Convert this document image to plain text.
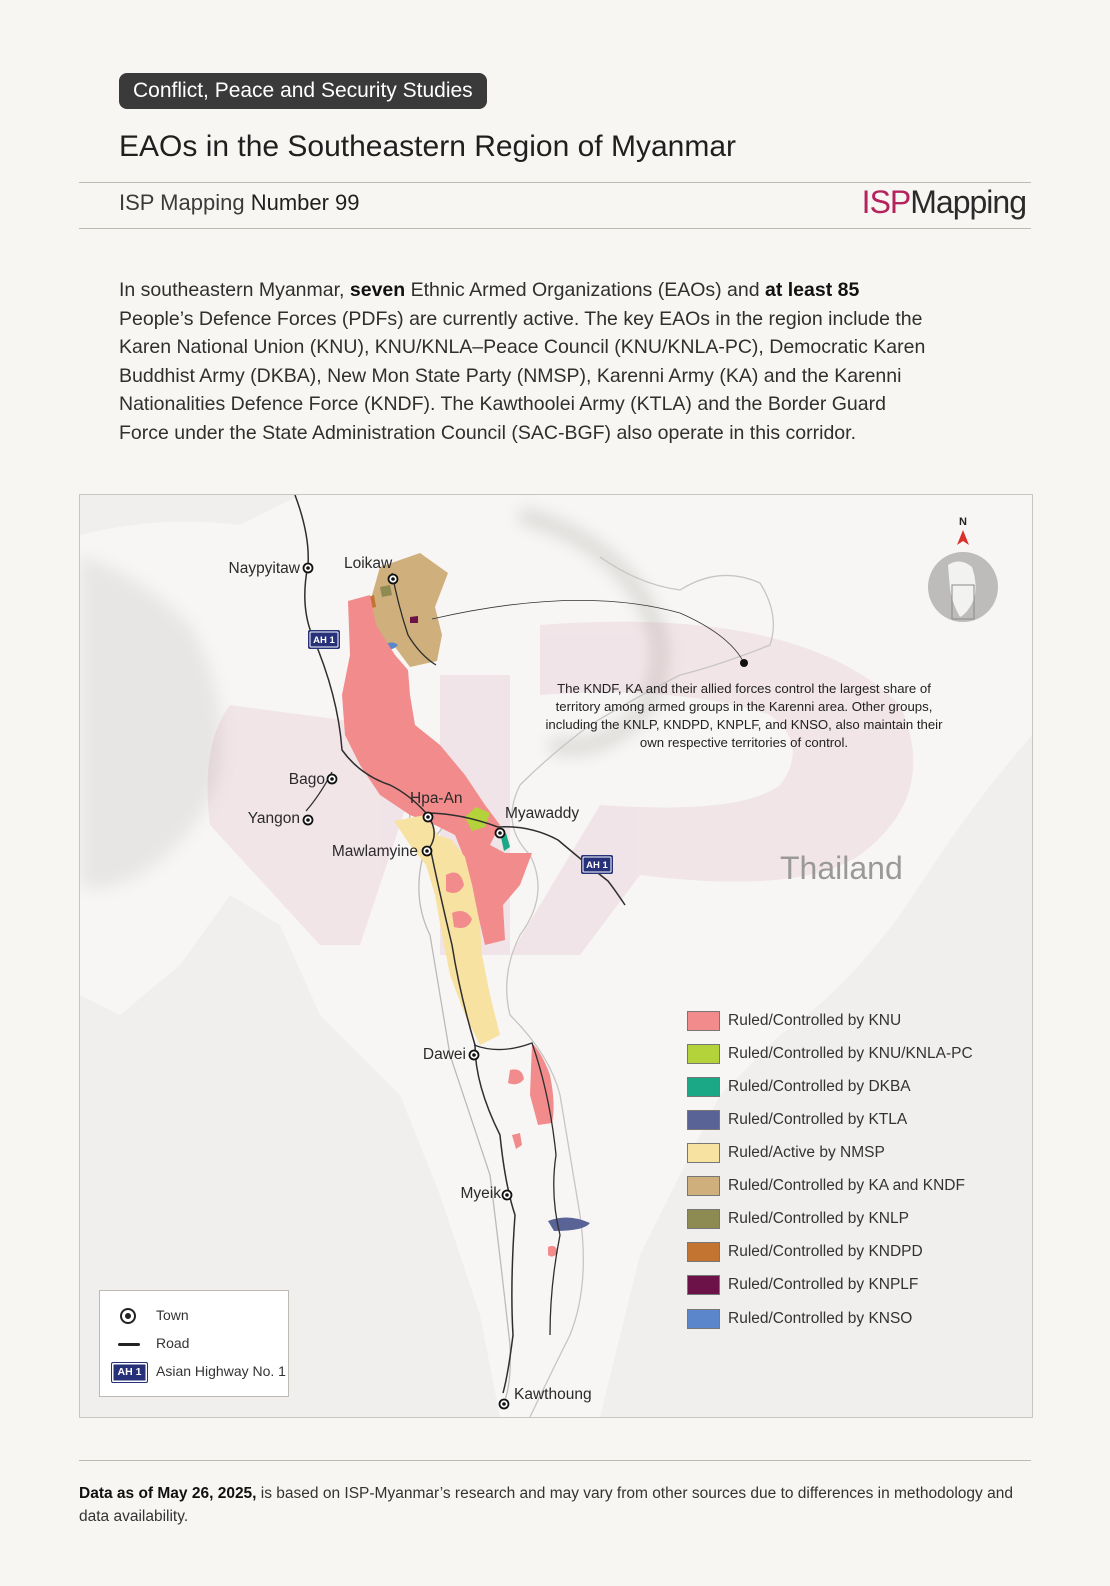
Conflict, Peace and Security Studies
EAOs in the Southeastern Region of Myanmar
ISP Mapping Number 99	ISPMapping

In southeastern Myanmar, seven Ethnic Armed Organizations (EAOs) and at least 85 People’s Defence Forces (PDFs) are currently active. The key EAOs in the region include the Karen National Union (KNU), KNU/KNLA–Peace Council (KNU/KNLA-PC), Democratic Karen Buddhist Army (DKBA), New Mon State Party (NMSP), Karenni Army (KA) and the Karenni Nationalities Defence Force (KNDF). The Kawthoolei Army (KTLA) and the Border Guard Force under the State Administration Council (SAC-BGF) also operate in this corridor.

AH 1
AH 1
The KNDF, KA and their allied forces control the largest share of
territory among armed groups in the Karenni area. Other groups,
including the KNLP, KNDPD, KNPLF, and KNSO, also maintain their
own respective territories of control.
Naypyitaw	Loikaw
Bago
Yangon
Hpa-An
Myawaddy
Mawlamyine
Dawei
Myeik
Kawthoung
Thailand
N
Ruled/Controlled by KNU
Ruled/Controlled by KNU/KNLA-PC
Ruled/Controlled by DKBA
Ruled/Controlled by KTLA
Ruled/Active by NMSP
Ruled/Controlled by KA and KNDF
Ruled/Controlled by KNLP
Ruled/Controlled by KNDPD
Ruled/Controlled by KNPLF
Ruled/Controlled by KNSO
Town
Road
AH 1	Asian Highway No. 1

Data as of May 26, 2025, is based on ISP-Myanmar’s research and may vary from other sources due to differences in methodology and data availability.
